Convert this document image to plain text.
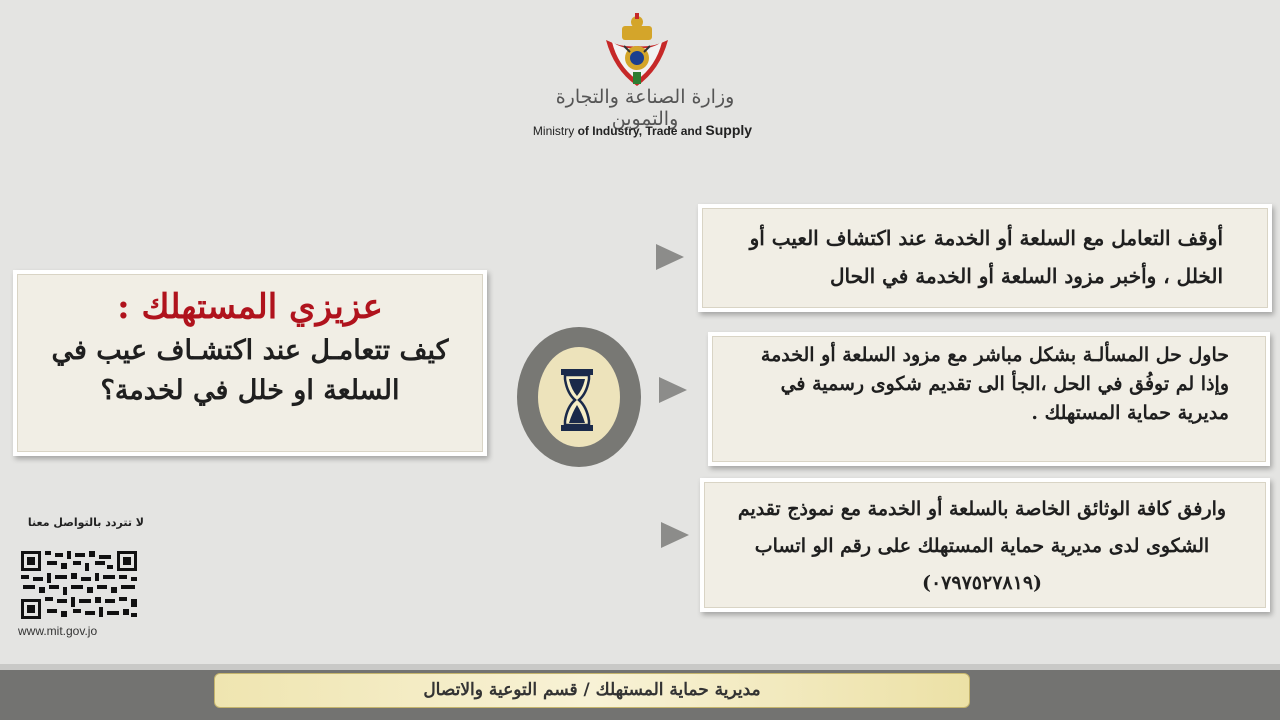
وزارة الصناعة والتجارة والتموين
Ministry of Industry, Trade and Supply
عزيزي المستهلك :
كيف تتعامـل عند اكتشـاف عيب في السلعة او خلل في لخدمة؟
أوقف التعامل مع السلعة أو الخدمة عند اكتشاف العيب أو الخلل ، وأخبر مزود السلعة أو الخدمة في الحال
حاول حل المسألـة بشكل مباشر مع مزود السلعة أو الخدمة وإذا لم توفُق في الحل ،الجأ الى تقديم شكوى رسمية في مديرية حماية المستهلك .
وارفق كافة الوثائق الخاصة بالسلعة أو الخدمة مع نموذج تقديم الشكوى لدى مديرية حماية المستهلك على رقم الو اتساب (٠٧٩٧٥٢٧٨١٩)
لا تتردد بالتواصل معنا
www.mit.gov.jo
مديرية حماية المستهلك / قسم التوعية والاتصال
